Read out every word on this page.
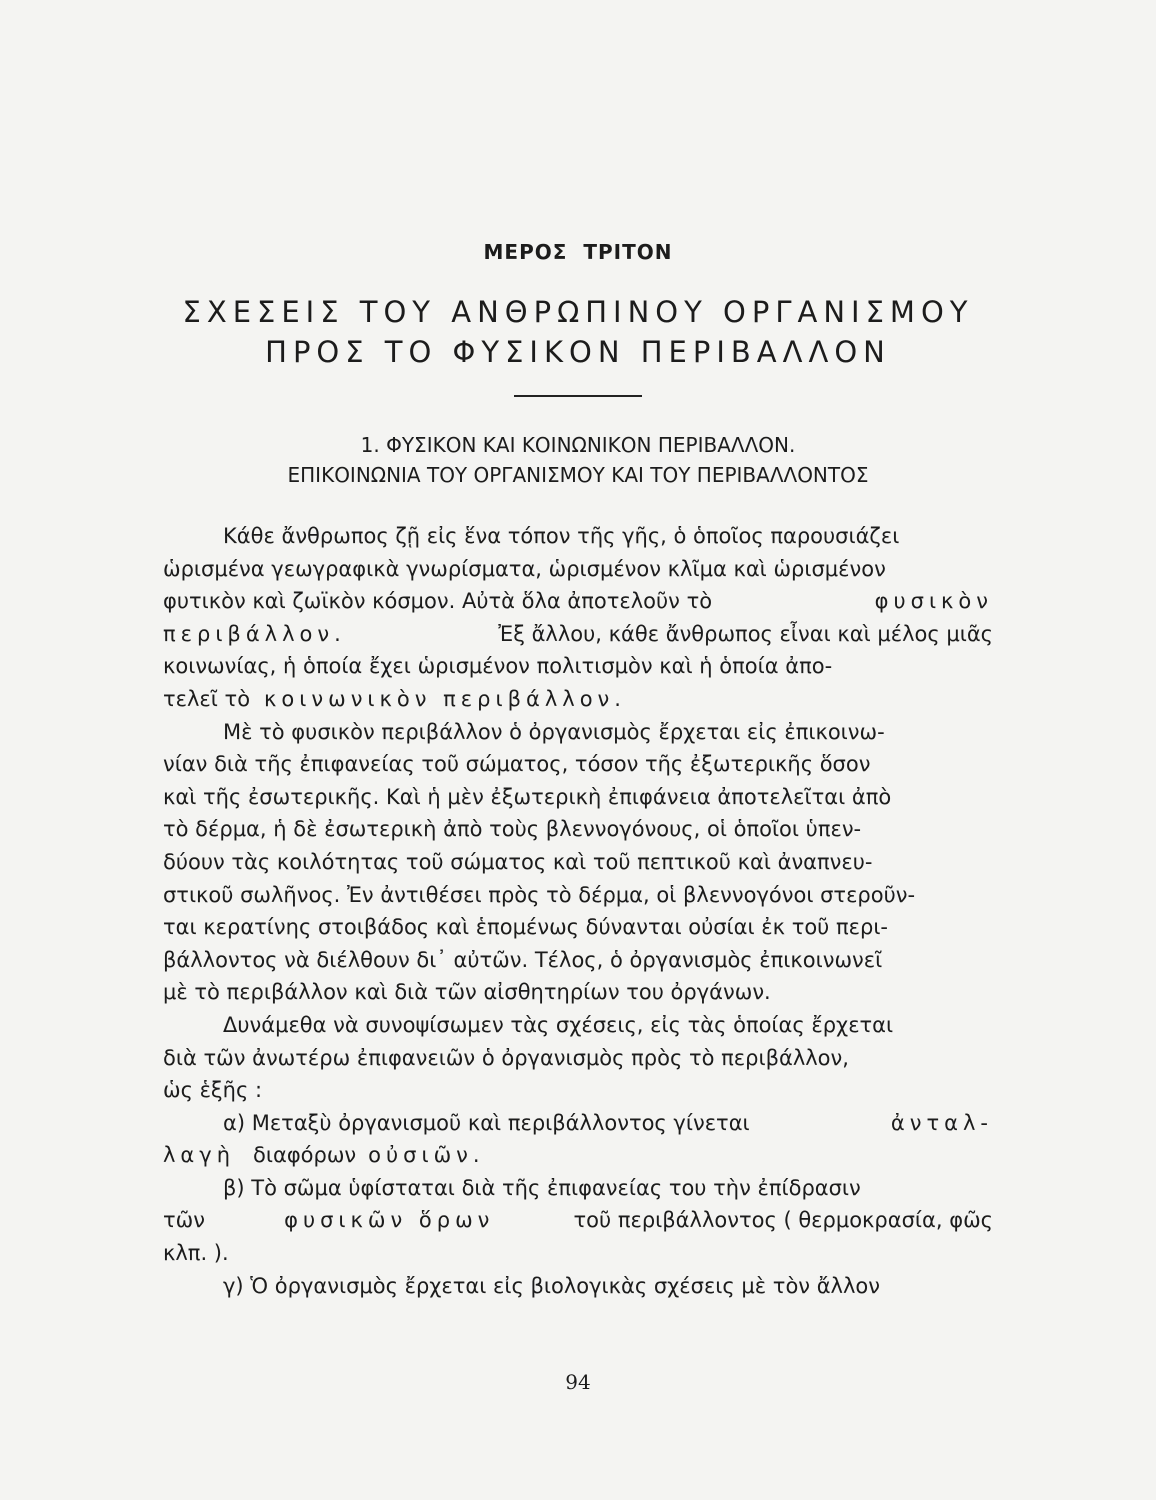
ΜΕΡΟΣ ΤΡΙΤΟΝ
ΣΧΕΣΕΙΣ ΤΟΥ ΑΝΘΡΩΠΙΝΟΥ ΟΡΓΑΝΙΣΜΟΥ
ΠΡΟΣ ΤΟ ΦΥΣΙΚΟΝ ΠΕΡΙΒΑΛΛΟΝ
1. ΦΥΣΙΚΟΝ ΚΑΙ ΚΟΙΝΩΝΙΚΟΝ ΠΕΡΙΒΑΛΛΟΝ.
ΕΠΙΚΟΙΝΩΝΙΑ ΤΟΥ ΟΡΓΑΝΙΣΜΟΥ ΚΑΙ ΤΟΥ ΠΕΡΙΒΑΛΛΟΝΤΟΣ
Κάθε ἄνθρωπος ζῇ εἰς ἕνα τόπον τῆς γῆς, ὁ ὁποῖος παρουσιάζει
ὡρισμένα γεωγραφικὰ γνωρίσματα, ὡρισμένον κλῖμα καὶ ὡρισμένον
φυτικὸν καὶ ζωϊκὸν κόσμον. Αὐτὰ ὅλα ἀποτελοῦν τὸ	φυσικὸν
περιβάλλον.	Ἐξ ἄλλου, κάθε ἄνθρωπος εἶναι καὶ μέλος μιᾶς
κοινωνίας, ἡ ὁποία ἔχει ὡρισμένον πολιτισμὸν καὶ ἡ ὁποία ἀπο-
τελεῖ τὸ κοινωνικὸν περιβάλλον.
Μὲ τὸ φυσικὸν περιβάλλον ὁ ὀργανισμὸς ἔρχεται εἰς ἐπικοινω-
νίαν διὰ τῆς ἐπιφανείας τοῦ σώματος, τόσον τῆς ἐξωτερικῆς ὅσον
καὶ τῆς ἐσωτερικῆς. Καὶ ἡ μὲν ἐξωτερικὴ ἐπιφάνεια ἀποτελεῖται ἀπὸ
τὸ δέρμα, ἡ δὲ ἐσωτερικὴ ἀπὸ τοὺς βλεννογόνους, οἱ ὁποῖοι ὑπεν-
δύουν τὰς κοιλότητας τοῦ σώματος καὶ τοῦ πεπτικοῦ καὶ ἀναπνευ-
στικοῦ σωλῆνος. Ἐν ἀντιθέσει πρὸς τὸ δέρμα, οἱ βλεννογόνοι στεροῦν-
ται κερατίνης στοιβάδος καὶ ἑπομένως δύνανται οὐσίαι ἐκ τοῦ περι-
βάλλοντος νὰ διέλθουν δι᾿ αὐτῶν. Τέλος, ὁ ὀργανισμὸς ἐπικοινωνεῖ
μὲ τὸ περιβάλλον καὶ διὰ τῶν αἰσθητηρίων του ὀργάνων.
Δυνάμεθα νὰ συνοψίσωμεν τὰς σχέσεις, εἰς τὰς ὁποίας ἔρχεται
διὰ τῶν ἀνωτέρω ἐπιφανειῶν ὁ ὀργανισμὸς πρὸς τὸ περιβάλλον,
ὡς ἑξῆς :
α) Μεταξὺ ὀργανισμοῦ καὶ περιβάλλοντος γίνεται	ἀνταλ-
λαγὴ διαφόρων οὐσιῶν.
β) Τὸ σῶμα ὑφίσταται διὰ τῆς ἐπιφανείας του τὴν ἐπίδρασιν
τῶν	φυσικῶν ὅρων	τοῦ περιβάλλοντος ( θερμοκρασία, φῶς
κλπ. ).
γ) Ὁ ὀργανισμὸς ἔρχεται εἰς βιολογικὰς σχέσεις μὲ τὸν ἄλλον
94
